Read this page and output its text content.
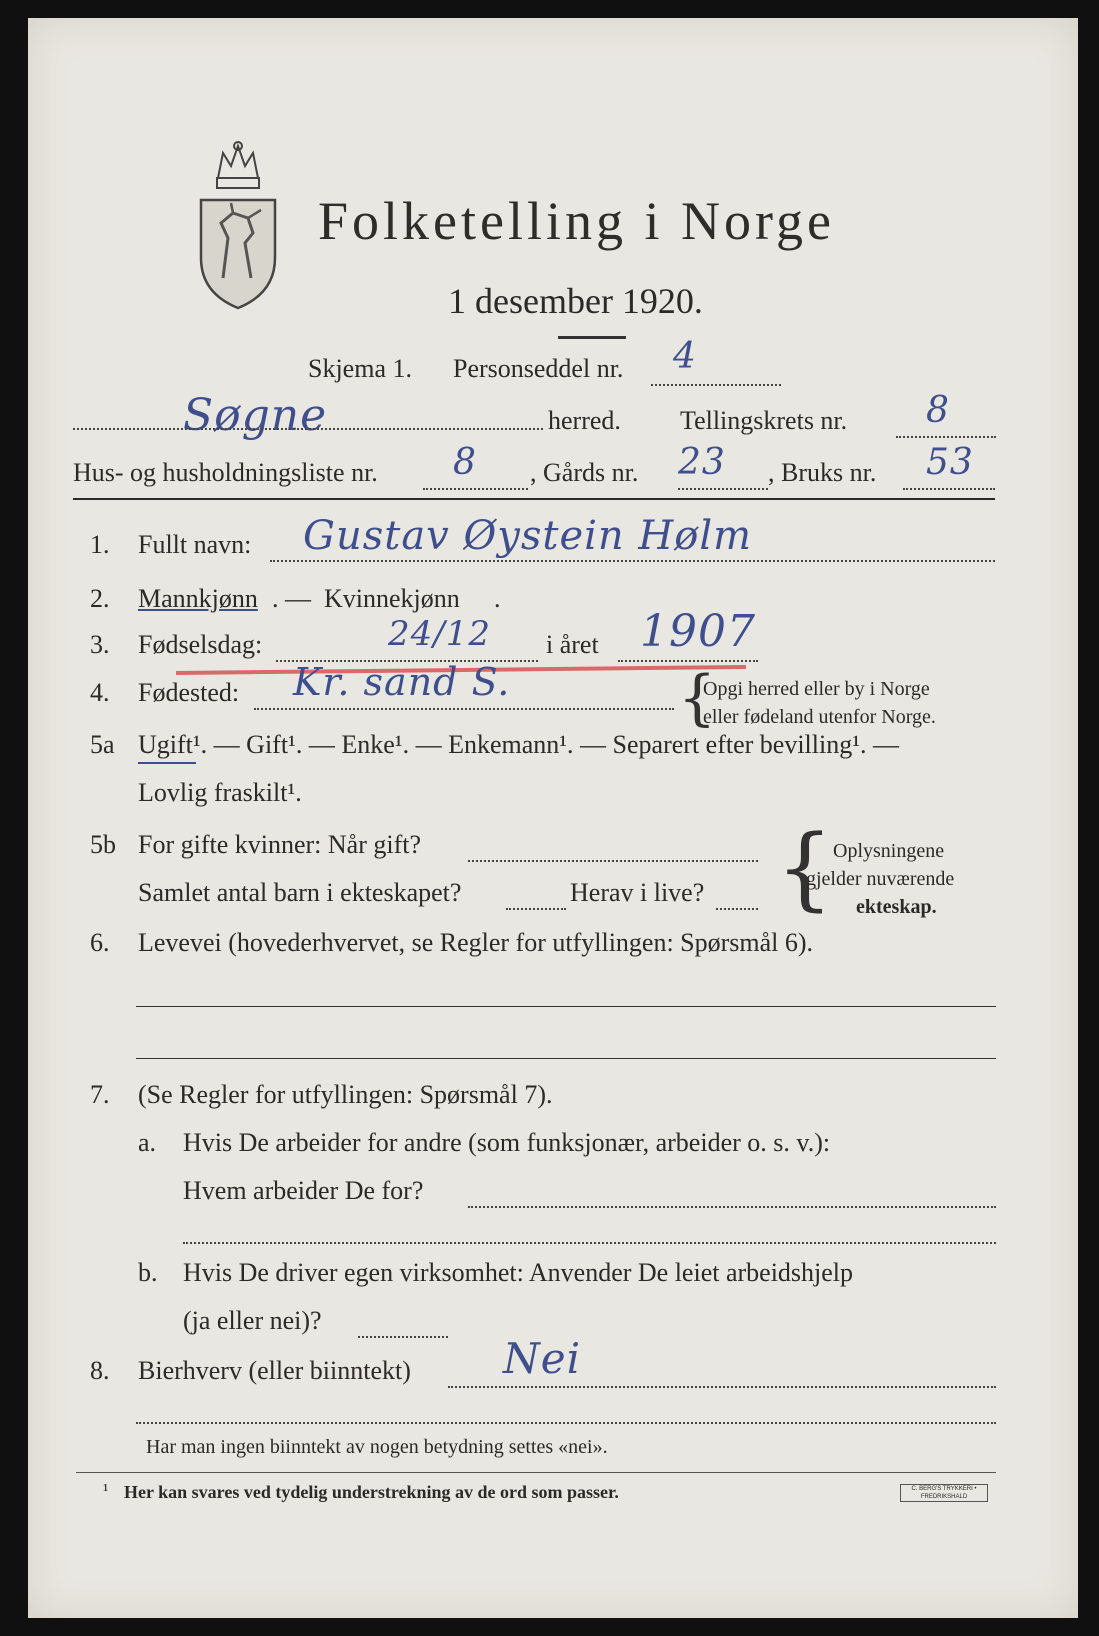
Folketelling i Norge
1 desember 1920.
Skjema 1. Personseddel nr. 4
Søgne	herred. Tellingskrets nr. 8
Hus- og husholdningsliste nr. 8 , Gårds nr. 23 , Bruks nr. 53
1. Fullt navn: Gustav Øystein Hølm
2. Mannkjønn . — Kvinnekjønn .
3. Fødselsdag:	24/12 i året 1907
4. Fødested: Kr. sand S.	{
Opgi herred eller by i Norge
eller fødeland utenfor Norge.
5a Ugift¹. — Gift¹. — Enke¹. — Enkemann¹. — Separert efter bevilling¹. —
Lovlig fraskilt¹.
5b For gifte kvinner: Når gift?
Samlet antal barn i ekteskapet?	Herav i live? { Oplysningene
gjelder nuværende
ekteskap.
6. Levevei (hovederhvervet, se Regler for utfyllingen: Spørsmål 6).
7. (Se Regler for utfyllingen: Spørsmål 7).
a. Hvis De arbeider for andre (som funksjonær, arbeider o. s. v.):
Hvem arbeider De for?
b. Hvis De driver egen virksomhet: Anvender De leiet arbeidshjelp
(ja eller nei)?
8. Bierhverv (eller biinntekt) Nei
Har man ingen biinntekt av nogen betydning settes «nei».
¹ Her kan svares ved tydelig understrekning av de ord som passer.	C. BERG'S TRYKKERI • FREDRIKSHALD
